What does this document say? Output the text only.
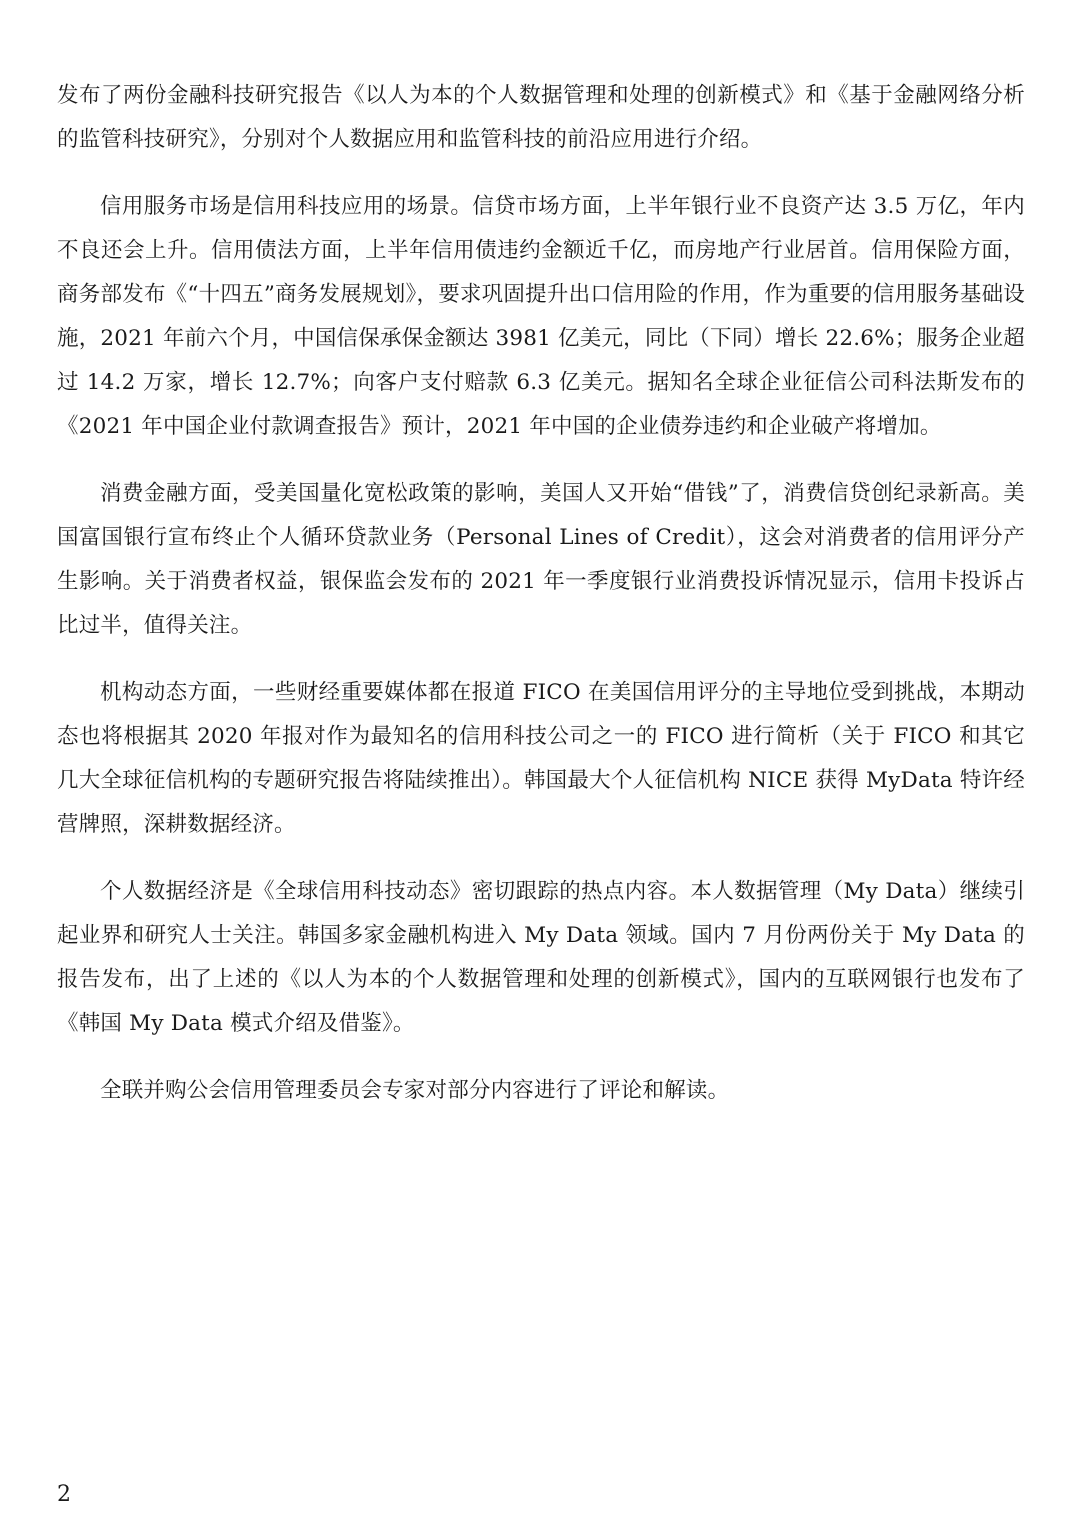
发布了两份金融科技研究报告《以人为本的个人数据管理和处理的创新模式》和《基于金融网络分析的监管科技研究》，分别对个人数据应用和监管科技的前沿应用进行介绍。

信用服务市场是信用科技应用的场景。信贷市场方面，上半年银行业不良资产达 3.5 万亿，年内不良还会上升。信用债法方面，上半年信用债违约金额近千亿，而房地产行业居首。信用保险方面，商务部发布《“十四五”商务发展规划》，要求巩固提升出口信用险的作用，作为重要的信用服务基础设施，2021 年前六个月，中国信保承保金额达 3981 亿美元，同比（下同）增长 22.6%；服务企业超过 14.2 万家，增长 12.7%；向客户支付赔款 6.3 亿美元。据知名全球企业征信公司科法斯发布的《2021 年中国企业付款调查报告》预计，2021 年中国的企业债券违约和企业破产将增加。

消费金融方面，受美国量化宽松政策的影响，美国人又开始“借钱”了，消费信贷创纪录新高。美国富国银行宣布终止个人循环贷款业务（Personal Lines of Credit），这会对消费者的信用评分产生影响。关于消费者权益，银保监会发布的 2021 年一季度银行业消费投诉情况显示，信用卡投诉占比过半，值得关注。

机构动态方面，一些财经重要媒体都在报道 FICO 在美国信用评分的主导地位受到挑战，本期动态也将根据其 2020 年报对作为最知名的信用科技公司之一的 FICO 进行简析（关于 FICO 和其它几大全球征信机构的专题研究报告将陆续推出）。韩国最大个人征信机构 NICE 获得 MyData 特许经营牌照，深耕数据经济。

个人数据经济是《全球信用科技动态》密切跟踪的热点内容。本人数据管理（My Data）继续引起业界和研究人士关注。韩国多家金融机构进入 My Data 领域。国内 7 月份两份关于 My Data 的报告发布，出了上述的《以人为本的个人数据管理和处理的创新模式》，国内的互联网银行也发布了《韩国 My Data 模式介绍及借鉴》。

全联并购公会信用管理委员会专家对部分内容进行了评论和解读。

2
